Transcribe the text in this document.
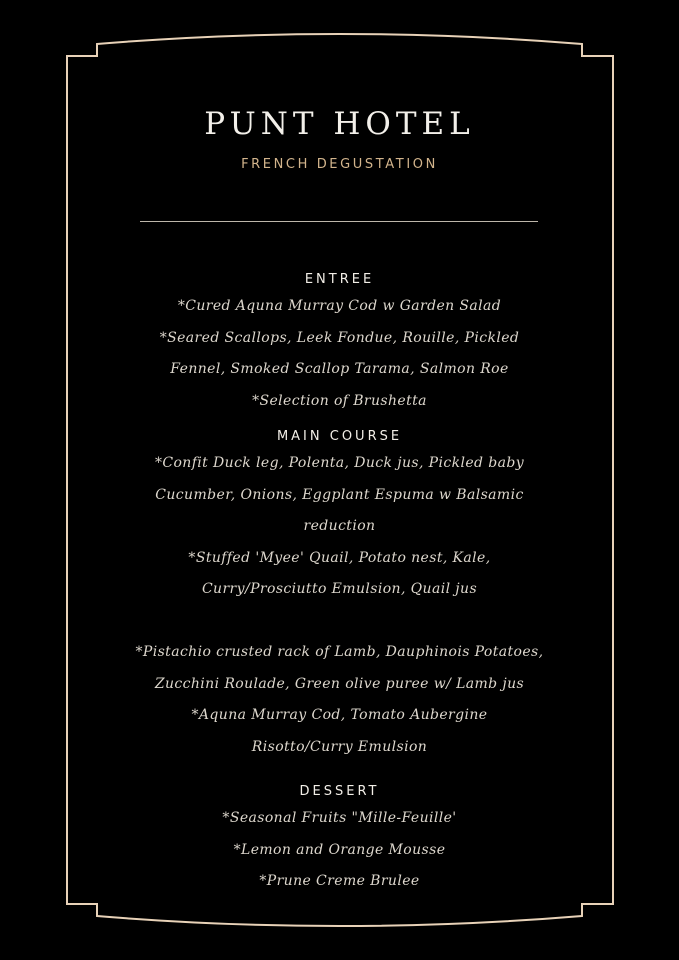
PUNT HOTEL
FRENCH DEGUSTATION
ENTREE
*Cured Aquna Murray Cod w Garden Salad
*Seared Scallops, Leek Fondue, Rouille, Pickled
Fennel, Smoked Scallop Tarama, Salmon Roe
*Selection of Brushetta
MAIN COURSE
*Confit Duck leg, Polenta, Duck jus, Pickled baby
Cucumber, Onions, Eggplant Espuma w Balsamic
reduction
*Stuffed 'Myee' Quail, Potato nest, Kale,
Curry/Prosciutto Emulsion, Quail jus
*Pistachio crusted rack of Lamb, Dauphinois Potatoes,
Zucchini Roulade, Green olive puree w/ Lamb jus
*Aquna Murray Cod, Tomato Aubergine
Risotto/Curry Emulsion
DESSERT
*Seasonal Fruits "Mille-Feuille'
*Lemon and Orange Mousse
*Prune Creme Brulee
